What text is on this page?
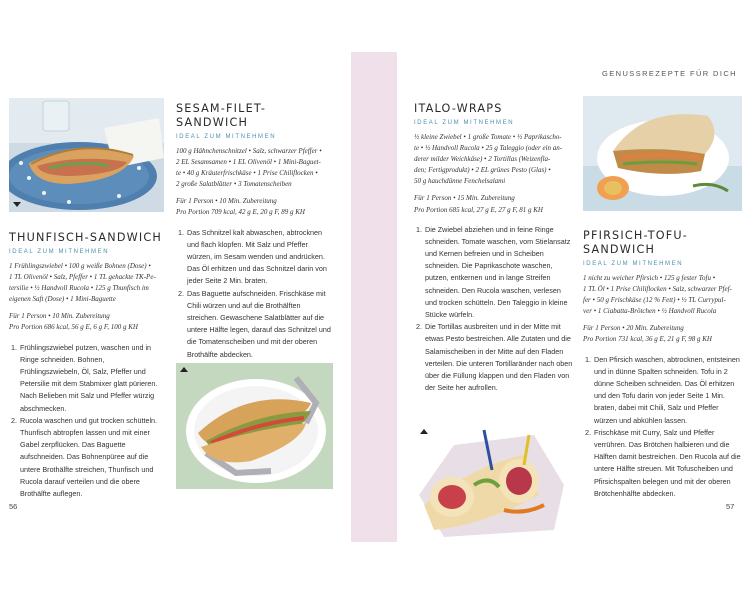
GENUSSREZEPTE FÜR DICH
THUNFISCH-SANDWICH
IDEAL ZUM MITNEHMEN

1 Frühlingszwiebel • 100 g weiße Bohnen (Dose) •

1 TL Olivenöl • Salz, Pfeffer • 1 TL gehackte TK-Pe-

tersilie • ½ Handvoll Rucola • 125 g Thunfisch im

eigenen Saft (Dose) • 1 Mini-Baguette

Für 1 Person • 10 Min. Zubereitung

Pro Portion 686 kcal, 56 g E, 6 g F, 100 g KH

1. Frühlingszwiebel putzen, waschen und in Ringe schneiden. Bohnen, Frühlingszwiebeln, Öl, Salz, Pfeffer und Petersilie mit dem Stabmixer glatt pürieren. Nach Belieben mit Salz und Pfeffer würzig abschmecken.
2. Rucola waschen und gut trocken schütteln. Thunfisch abtropfen lassen und mit einer Gabel zerpflücken. Das Baguette aufschneiden. Das Bohnenpüree auf die untere Brothälfte streichen, Thunfisch und Rucola darauf verteilen und die obere Brothälfte auflegen.
SESAM-FILET-SANDWICH
IDEAL ZUM MITNEHMEN

100 g Hähnchenschnitzel • Salz, schwarzer Pfeffer •

2 EL Sesamsamen • 1 EL Olivenöl • 1 Mini-Baguet-

te • 40 g Kräuterfrischkäse • 1 Prise Chiliflocken •

2 große Salatblätter • 3 Tomatenscheiben

Für 1 Person • 10 Min. Zubereitung

Pro Portion 709 kcal, 42 g E, 20 g F, 89 g KH

1. Das Schnitzel kalt abwaschen, abtrocknen und flach klopfen. Mit Salz und Pfeffer würzen, im Sesam wenden und andrücken. Das Öl erhitzen und das Schnitzel darin von jeder Seite 2 Min. braten.
2. Das Baguette aufschneiden. Frischkäse mit Chili würzen und auf die Brothälften streichen. Gewaschene Salatblätter auf die untere Hälfte legen, darauf das Schnitzel und die Tomatenscheiben und mit der oberen Brothälfte abdecken.
56
ITALO-WRAPS
IDEAL ZUM MITNEHMEN

½ kleine Zwiebel • 1 große Tomate • ½ Paprikascho-

te • ½ Handvoll Rucola • 25 g Taleggio (oder ein an-

derer milder Weichkäse) • 2 Tortillas (Weizenfla-

den; Fertigprodukt) • 2 EL grünes Pesto (Glas) •

50 g hauchdünne Fenchelsalami

Für 1 Person • 15 Min. Zubereitung

Pro Portion 685 kcal, 27 g E, 27 g F, 81 g KH

1. Die Zwiebel abziehen und in feine Ringe schneiden. Tomate waschen, vom Stielansatz und Kernen befreien und in Scheiben schneiden. Die Paprikaschote waschen, putzen, entkernen und in lange Streifen schneiden. Den Rucola waschen, verlesen und trocken schütteln. Den Taleggio in kleine Stücke würfeln.
2. Die Tortillas ausbreiten und in der Mitte mit etwas Pesto bestreichen. Alle Zutaten und die Salamischeiben in der Mitte auf den Fladen verteilen. Die unteren Tortillaränder nach oben über die Füllung klappen und den Fladen von der Seite her aufrollen.
PFIRSICH-TOFU-
SANDWICH
IDEAL ZUM MITNEHMEN

1 nicht zu weicher Pfirsich • 125 g fester Tofu •

1 TL Öl • 1 Prise Chiliflocken • Salz, schwarzer Pfef-

fer • 50 g Frischkäse (12 % Fett) • ½ TL Currypul-

ver • 1 Ciabatta-Brötchen • ½ Handvoll Rucola

Für 1 Person • 20 Min. Zubereitung

Pro Portion 731 kcal, 36 g E, 21 g F, 98 g KH

1. Den Pfirsich waschen, abtrocknen, entsteinen und in dünne Spalten schneiden. Tofu in 2 dünne Scheiben schneiden. Das Öl erhitzen und den Tofu darin von jeder Seite 1 Min. braten, dabei mit Chili, Salz und Pfeffer würzen und abkühlen lassen.
2. Frischkäse mit Curry, Salz und Pfeffer verrühren. Das Brötchen halbieren und die Hälften damit bestreichen. Den Rucola auf die untere Hälfte streuen. Mit Tofuscheiben und Pfirsichspalten belegen und mit der oberen Brötchenhälfte abdecken.
57
